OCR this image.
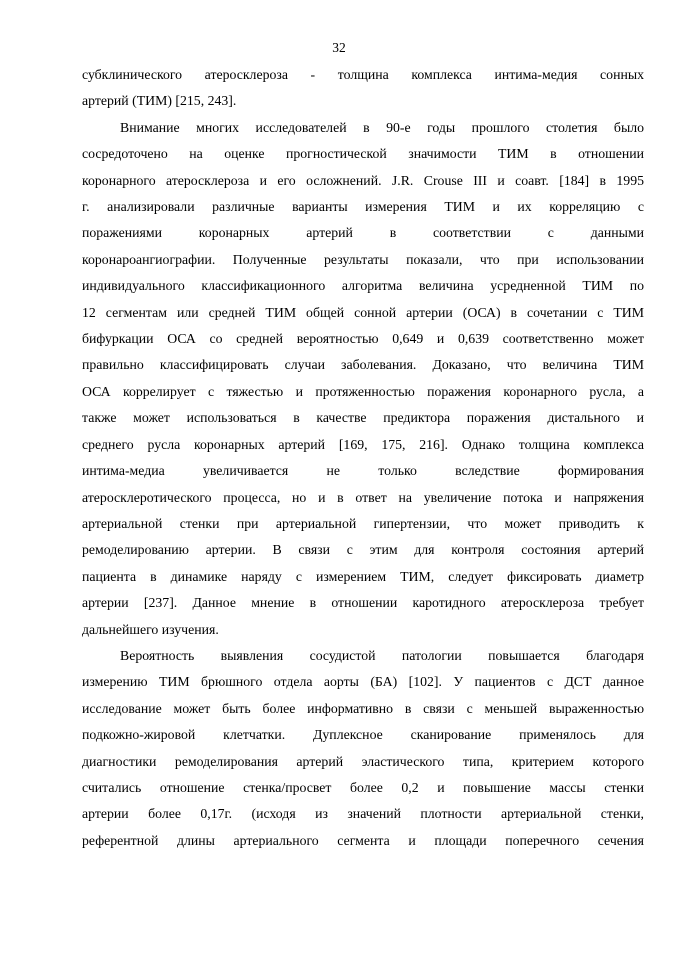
32

субклинического атеросклероза - толщина комплекса интима-медия сонных
артерий (ТИМ) [215, 243].

Внимание многих исследователей в 90-е годы прошлого столетия было
сосредоточено на оценке прогностической значимости ТИМ в отношении
коронарного атеросклероза и его осложнений. J.R. Crouse III и соавт. [184] в 1995
г. анализировали различные варианты измерения ТИМ и их корреляцию с
поражениями коронарных артерий в соответствии с данными
коронароангиографии. Полученные результаты показали, что при использовании
индивидуального классификационного алгоритма величина усредненной ТИМ по
12 сегментам или средней ТИМ общей сонной артерии (ОСА) в сочетании с ТИМ
бифуркации ОСА со средней вероятностью 0,649 и 0,639 соответственно может
правильно классифицировать случаи заболевания. Доказано, что величина ТИМ
ОСА коррелирует с тяжестью и протяженностью поражения коронарного русла, а
также может использоваться в качестве предиктора поражения дистального и
среднего русла коронарных артерий [169, 175, 216]. Однако толщина комплекса
интима-медиа увеличивается не только вследствие формирования
атеросклеротического процесса, но и в ответ на увеличение потока и напряжения
артериальной стенки при артериальной гипертензии, что может приводить к
ремоделированию артерии. В связи с этим для контроля состояния артерий
пациента в динамике наряду с измерением ТИМ, следует фиксировать диаметр
артерии [237]. Данное мнение в отношении каротидного атеросклероза требует
дальнейшего изучения.

Вероятность выявления сосудистой патологии повышается благодаря
измерению ТИМ брюшного отдела аорты (БА) [102]. У пациентов с ДСТ данное
исследование может быть более информативно в связи с меньшей выраженностью
подкожно-жировой клетчатки. Дуплексное сканирование применялось для
диагностики ремоделирования артерий эластического типа, критерием которого
считались отношение стенка/просвет более 0,2 и повышение массы стенки
артерии более 0,17г. (исходя из значений плотности артериальной стенки,
референтной длины артериального сегмента и площади поперечного сечения
